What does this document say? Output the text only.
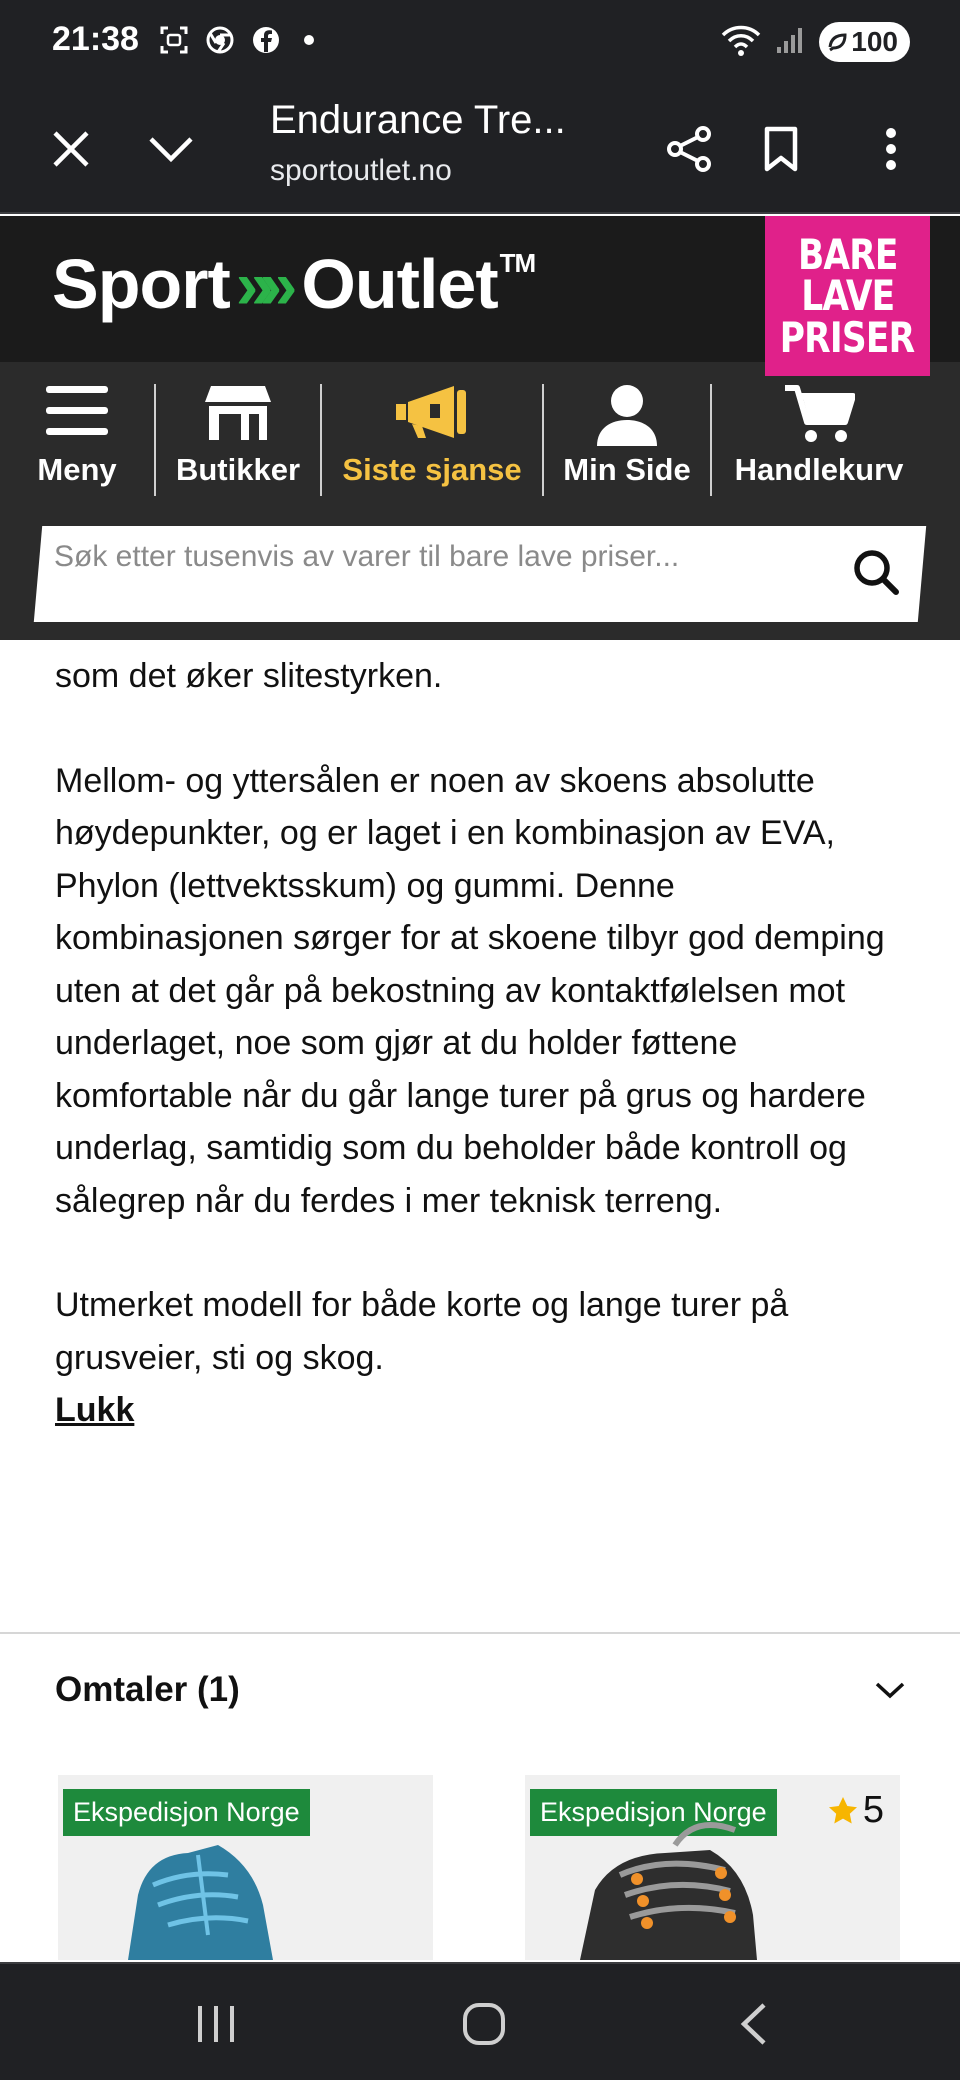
21:38	100
Endurance Tre...
sportoutlet.no
Sport»» Outlet™	BARE
LAVE
PRISER
Meny Butikker Siste sjanse Min Side Handlekurv
Søk etter tusenvis av varer til bare lave priser...

som det øker slitestyrken.

Mellom- og yttersålen er noen av skoens absolutte høydepunkter, og er laget i en kombinasjon av EVA, Phylon (lettvektsskum) og gummi. Denne kombinasjonen sørger for at skoene tilbyr god demping uten at det går på bekostning av kontaktfølelsen mot underlaget, noe som gjør at du holder føttene komfortable når du går lange turer på grus og hardere underlag, samtidig som du beholder både kontroll og sålegrep når du ferdes i mer teknisk terreng.

Utmerket modell for både korte og lange turer på grusveier, sti og skog.

Lukk
Omtaler (1)
Ekspedisjon Norge	Ekspedisjon Norge	5
